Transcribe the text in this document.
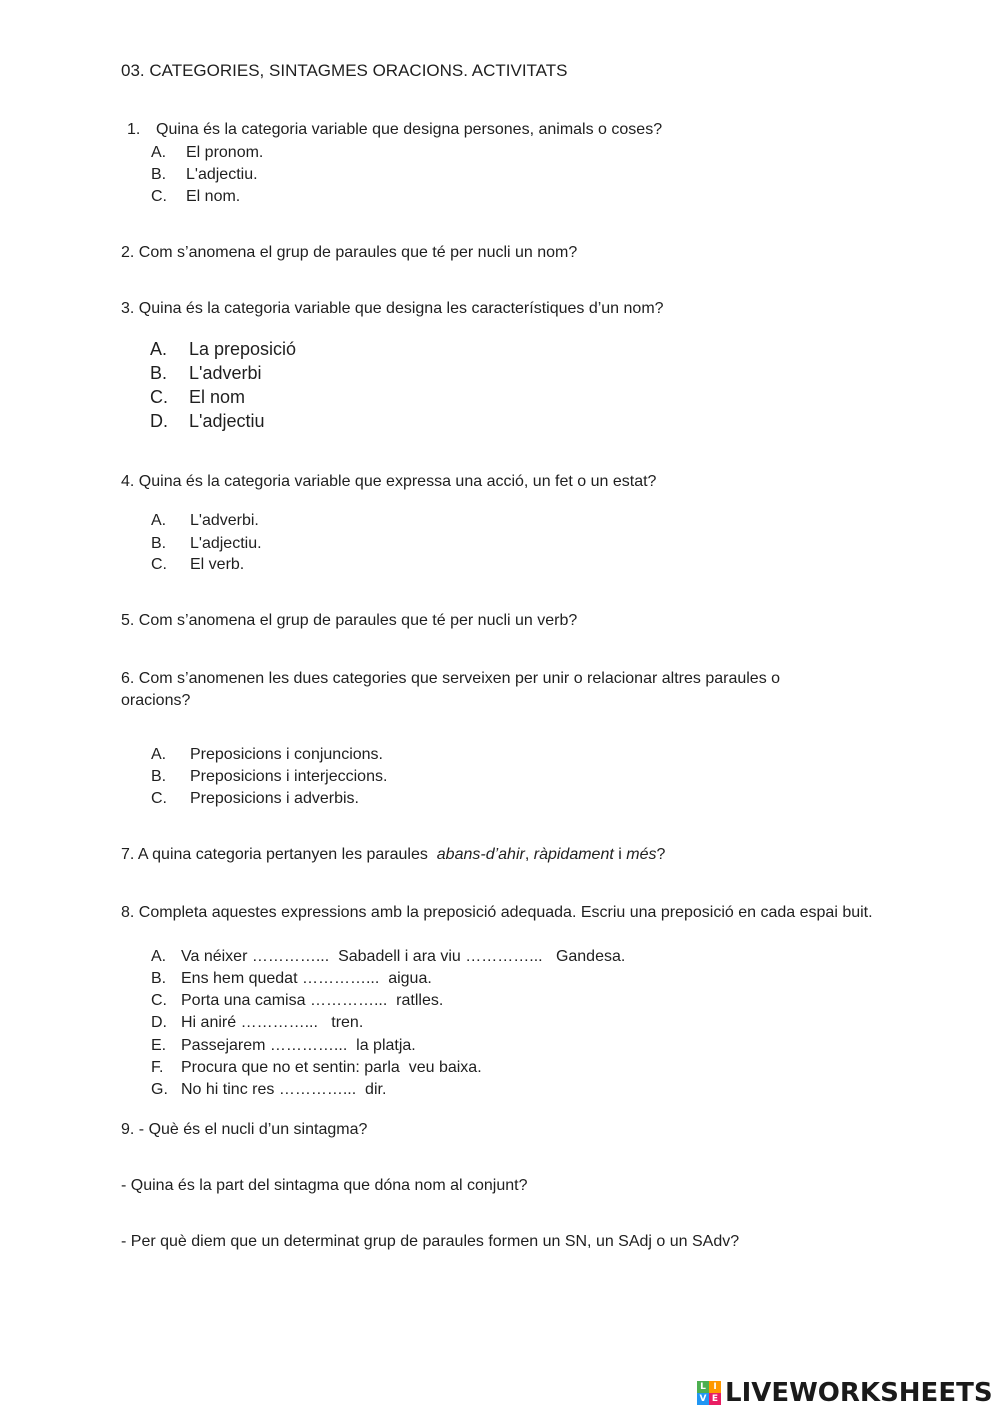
03. CATEGORIES, SINTAGMES ORACIONS. ACTIVITATS
1. Quina és la categoria variable que designa persones, animals o coses?
A. El pronom.
B. L'adjectiu.
C. El nom.
2. Com s’anomena el grup de paraules que té per nucli un nom?
3. Quina és la categoria variable que designa les característiques d’un nom?
A. La preposició
B. L'adverbi
C. El nom
D. L'adjectiu
4. Quina és la categoria variable que expressa una acció, un fet o un estat?
A. L'adverbi.
B. L'adjectiu.
C. El verb.
5. Com s’anomena el grup de paraules que té per nucli un verb?
6. Com s’anomenen les dues categories que serveixen per unir o relacionar altres paraules o oracions?
A. Preposicions i conjuncions.
B. Preposicions i interjeccions.
C. Preposicions i adverbis.
7. A quina categoria pertanyen les paraules abans-d’ahir, ràpidament i més?
8. Completa aquestes expressions amb la preposició adequada. Escriu una preposició en cada espai buit.
A. Va néixer …………...  Sabadell i ara viu …………...   Gandesa.
B. Ens hem quedat …………...  aigua.
C. Porta una camisa …………...  ratlles.
D. Hi aniré …………...   tren.
E. Passejarem …………...  la platja.
F. Procura que no et sentin: parla  veu baixa.
G. No hi tinc res …………...  dir.
9. - Què és el nucli d’un sintagma?
- Quina és la part del sintagma que dóna nom al conjunt?
- Per què diem que un determinat grup de paraules formen un SN, un SAdj o un SAdv?
L I
V E LIVEWORKSHEETS
